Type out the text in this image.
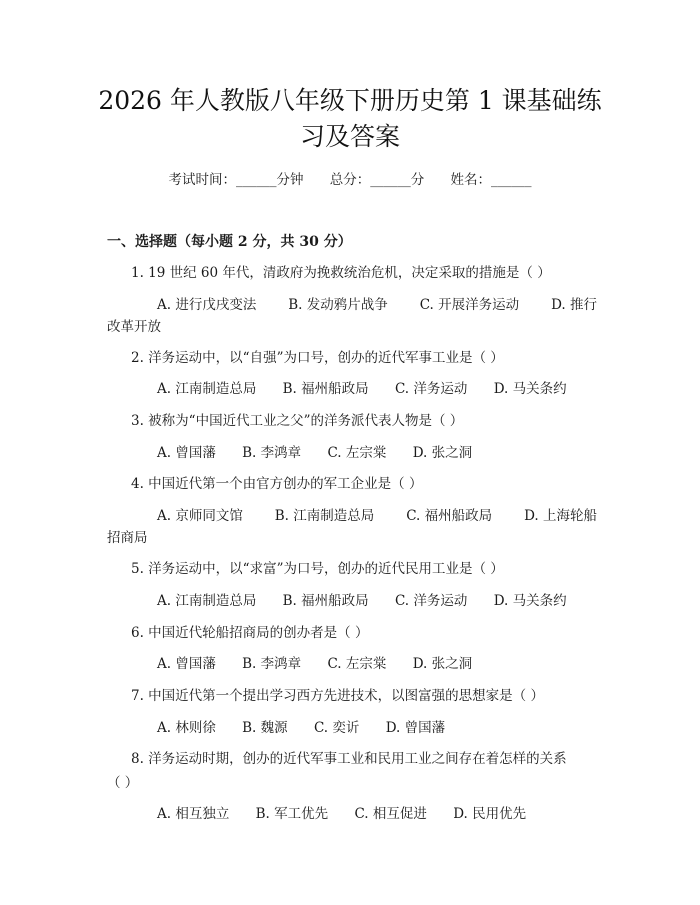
2026 年人教版八年级下册历史第 1 课基础练
习及答案
考试时间：______分钟 总分：______分 姓名：______
一、选择题（每小题 2 分，共 30 分）
1. 19 世纪 60 年代，清政府为挽救统治危机，决定采取的措施是（ ）
A. 进行戊戌变法 B. 发动鸦片战争 C. 开展洋务运动 D. 推行
改革开放
2. 洋务运动中，以“自强”为口号，创办的近代军事工业是（ ）
A. 江南制造总局 B. 福州船政局 C. 洋务运动 D. 马关条约
3. 被称为“中国近代工业之父”的洋务派代表人物是（ ）
A. 曾国藩 B. 李鸿章 C. 左宗棠 D. 张之洞
4. 中国近代第一个由官方创办的军工企业是（ ）
A. 京师同文馆 B. 江南制造总局 C. 福州船政局 D. 上海轮船
招商局
5. 洋务运动中，以“求富”为口号，创办的近代民用工业是（ ）
A. 江南制造总局 B. 福州船政局 C. 洋务运动 D. 马关条约
6. 中国近代轮船招商局的创办者是（ ）
A. 曾国藩 B. 李鸿章 C. 左宗棠 D. 张之洞
7. 中国近代第一个提出学习西方先进技术，以图富强的思想家是（ ）
A. 林则徐 B. 魏源 C. 奕䜣 D. 曾国藩
8. 洋务运动时期，创办的近代军事工业和民用工业之间存在着怎样的关系
（ ）
A. 相互独立 B. 军工优先 C. 相互促进 D. 民用优先
